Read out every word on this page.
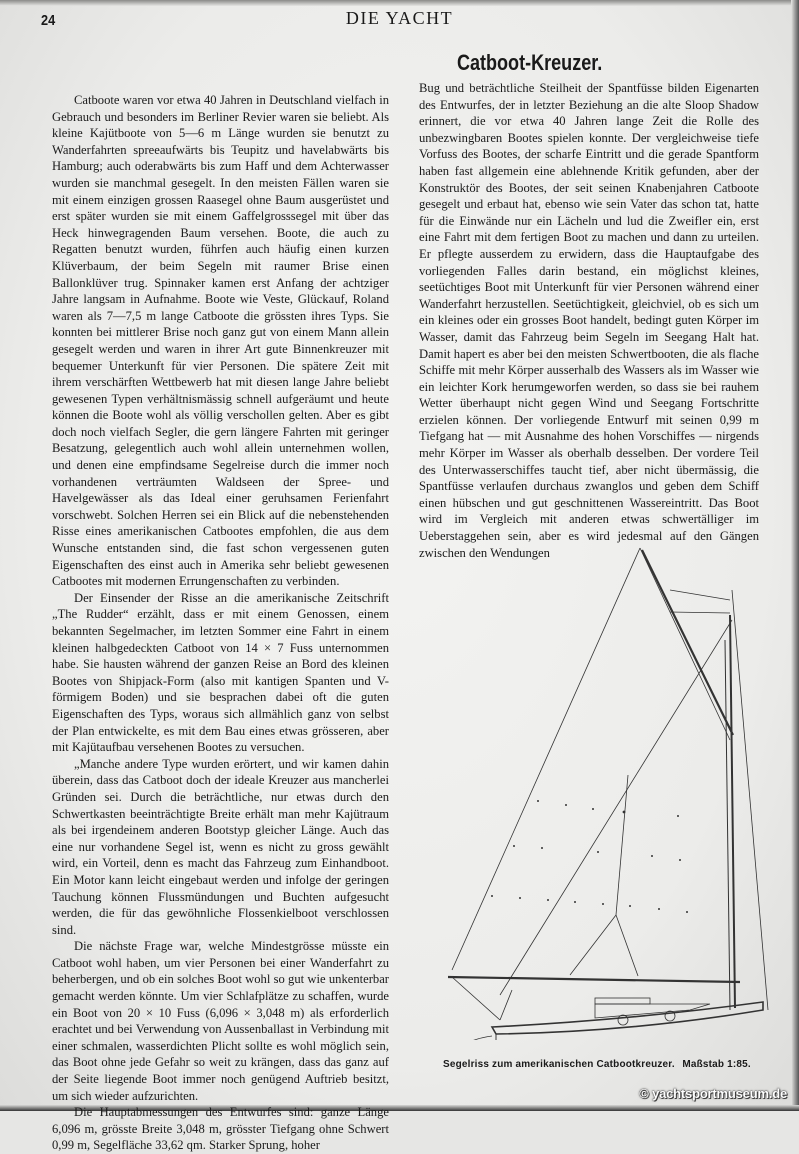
24	DIE YACHT
Catboot-Kreuzer.

Catboote waren vor etwa 40 Jahren in Deutschland vielfach in Gebrauch und besonders im Berliner Revier waren sie beliebt. Als kleine Kajütboote von 5—6 m Länge wurden sie benutzt zu Wanderfahrten spreeaufwärts bis Teupitz und havelabwärts bis Hamburg; auch oderabwärts bis zum Haff und dem Achterwasser wurden sie manchmal gesegelt. In den meisten Fällen waren sie mit einem einzigen grossen Raasegel ohne Baum ausgerüstet und erst später wurden sie mit einem Gaffelgrosssegel mit über das Heck hinwegragenden Baum versehen. Boote, die auch zu Regatten benutzt wurden, führfen auch häufig einen kurzen Klüverbaum, der beim Segeln mit raumer Brise einen Ballonklüver trug. Spinnaker kamen erst Anfang der achtziger Jahre langsam in Aufnahme. Boote wie Veste, Glückauf, Roland waren als 7—7,5 m lange Catboote die grössten ihres Typs. Sie konnten bei mittlerer Brise noch ganz gut von einem Mann allein gesegelt werden und waren in ihrer Art gute Binnenkreuzer mit bequemer Unterkunft für vier Personen. Die spätere Zeit mit ihrem verschärften Wettbewerb hat mit diesen lange Jahre beliebt gewesenen Typen verhältnismässig schnell aufgeräumt und heute können die Boote wohl als völlig verschollen gelten. Aber es gibt doch noch vielfach Segler, die gern längere Fahrten mit geringer Besatzung, gelegentlich auch wohl allein unternehmen wollen, und denen eine empfindsame Segelreise durch die immer noch vorhandenen verträumten Waldseen der Spree- und Havelgewässer als das Ideal einer geruhsamen Ferienfahrt vorschwebt. Solchen Herren sei ein Blick auf die nebenstehenden Risse eines amerikanischen Catbootes empfohlen, die aus dem Wunsche entstanden sind, die fast schon vergessenen guten Eigenschaften des einst auch in Amerika sehr beliebt gewesenen Catbootes mit modernen Errungenschaften zu verbinden.

Der Einsender der Risse an die amerikanische Zeitschrift „The Rudder“ erzählt, dass er mit einem Genossen, einem bekannten Segelmacher, im letzten Sommer eine Fahrt in einem kleinen halbgedeckten Catboot von 14 × 7 Fuss unternommen habe. Sie hausten während der ganzen Reise an Bord des kleinen Bootes von Shipjack-Form (also mit kantigen Spanten und V-förmigem Boden) und sie besprachen dabei oft die guten Eigenschaften des Typs, woraus sich allmählich ganz von selbst der Plan entwickelte, es mit dem Bau eines etwas grösseren, aber mit Kajütaufbau versehenen Bootes zu versuchen.

„Manche andere Type wurden erörtert, und wir kamen dahin überein, dass das Catboot doch der ideale Kreuzer aus mancherlei Gründen sei. Durch die beträchtliche, nur etwas durch den Schwertkasten beeinträchtigte Breite erhält man mehr Kajütraum als bei irgendeinem anderen Bootstyp gleicher Länge. Auch das eine nur vorhandene Segel ist, wenn es nicht zu gross gewählt wird, ein Vorteil, denn es macht das Fahrzeug zum Einhandboot. Ein Motor kann leicht eingebaut werden und infolge der geringen Tauchung können Flussmündungen und Buchten aufgesucht werden, die für das gewöhnliche Flossenkielboot verschlossen sind.

Die nächste Frage war, welche Mindestgrösse müsste ein Catboot wohl haben, um vier Personen bei einer Wanderfahrt zu beherbergen, und ob ein solches Boot wohl so gut wie unkenterbar gemacht werden könnte. Um vier Schlafplätze zu schaffen, wurde ein Boot von 20 × 10 Fuss (6,096 × 3,048 m) als erforderlich erachtet und bei Verwendung von Aussenballast in Verbindung mit einer schmalen, wasserdichten Plicht sollte es wohl möglich sein, das Boot ohne jede Gefahr so weit zu krängen, dass das ganz auf der Seite liegende Boot immer noch genügend Auftrieb besitzt, um sich wieder aufzurichten.

Die Hauptabmessungen des Entwurfes sind: ganze Länge 6,096 m, grösste Breite 3,048 m, grösster Tiefgang ohne Schwert 0,99 m, Segelfläche 33,62 qm. Starker Sprung, hoher

Bug und beträchtliche Steilheit der Spantfüsse bilden Eigenarten des Entwurfes, der in letzter Beziehung an die alte Sloop Shadow erinnert, die vor etwa 40 Jahren lange Zeit die Rolle des unbezwingbaren Bootes spielen konnte. Der vergleichweise tiefe Vorfuss des Bootes, der scharfe Eintritt und die gerade Spantform haben fast allgemein eine ablehnende Kritik gefunden, aber der Konstruktör des Bootes, der seit seinen Knabenjahren Catboote gesegelt und erbaut hat, ebenso wie sein Vater das schon tat, hatte für die Einwände nur ein Lächeln und lud die Zweifler ein, erst eine Fahrt mit dem fertigen Boot zu machen und dann zu urteilen. Er pflegte ausserdem zu erwidern, dass die Hauptaufgabe des vorliegenden Falles darin bestand, ein möglichst kleines, seetüchtiges Boot mit Unterkunft für vier Personen während einer Wanderfahrt herzustellen. Seetüchtigkeit, gleichviel, ob es sich um ein kleines oder ein grosses Boot handelt, bedingt guten Körper im Wasser, damit das Fahrzeug beim Segeln im Seegang Halt hat. Damit hapert es aber bei den meisten Schwertbooten, die als flache Schiffe mit mehr Körper ausserhalb des Wassers als im Wasser wie ein leichter Kork herumgeworfen werden, so dass sie bei rauhem Wetter überhaupt nicht gegen Wind und Seegang Fortschritte erzielen können. Der vorliegende Entwurf mit seinen 0,99 m Tiefgang hat — mit Ausnahme des hohen Vorschiffes — nirgends mehr Körper im Wasser als oberhalb desselben. Der vordere Teil des Unterwasserschiffes taucht tief, aber nicht übermässig, die Spantfüsse verlaufen durchaus zwanglos und geben dem Schiff einen hübschen und gut geschnittenen Wassereintritt. Das Boot wird im Vergleich mit anderen etwas schwertälliger im Ueberstaggehen sein, aber es wird jedesmal auf den Gängen zwischen den Wendungen

Segelriss zum amerikanischen Catbootkreuzer. Maßstab 1:85.
© yachtsportmuseum.de
